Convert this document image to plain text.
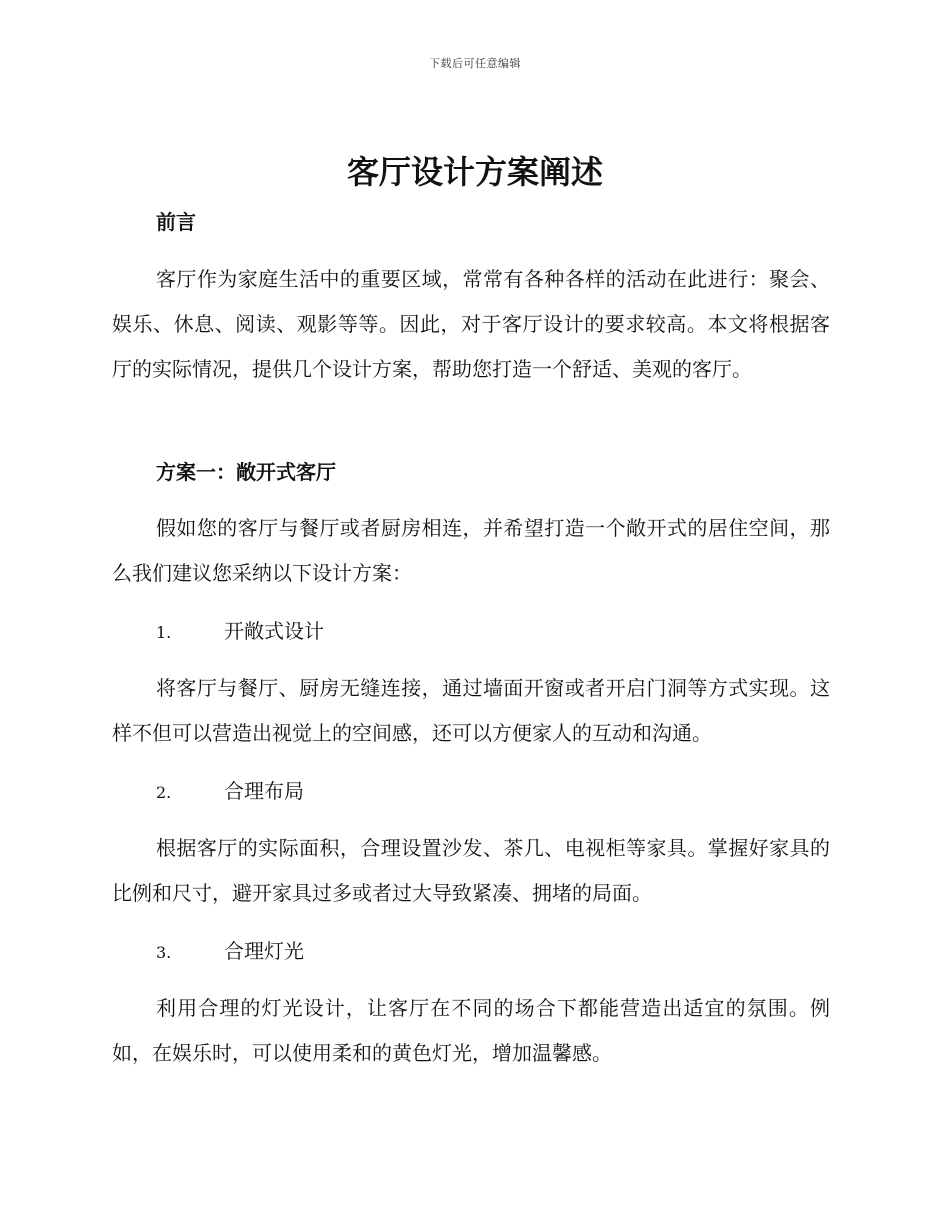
下载后可任意编辑
客厅设计方案阐述
前言

客厅作为家庭生活中的重要区域，常常有各种各样的活动在此进行：聚会、娱乐、休息、阅读、观影等等。因此，对于客厅设计的要求较高。本文将根据客厅的实际情况，提供几个设计方案，帮助您打造一个舒适、美观的客厅。

方案一：敞开式客厅

假如您的客厅与餐厅或者厨房相连，并希望打造一个敞开式的居住空间，那么我们建议您采纳以下设计方案：

1.	开敞式设计

将客厅与餐厅、厨房无缝连接，通过墙面开窗或者开启门洞等方式实现。这样不但可以营造出视觉上的空间感，还可以方便家人的互动和沟通。

2.	合理布局

根据客厅的实际面积，合理设置沙发、茶几、电视柜等家具。掌握好家具的比例和尺寸，避开家具过多或者过大导致紧凑、拥堵的局面。

3.	合理灯光

利用合理的灯光设计，让客厅在不同的场合下都能营造出适宜的氛围。例如，在娱乐时，可以使用柔和的黄色灯光，增加温馨感。
